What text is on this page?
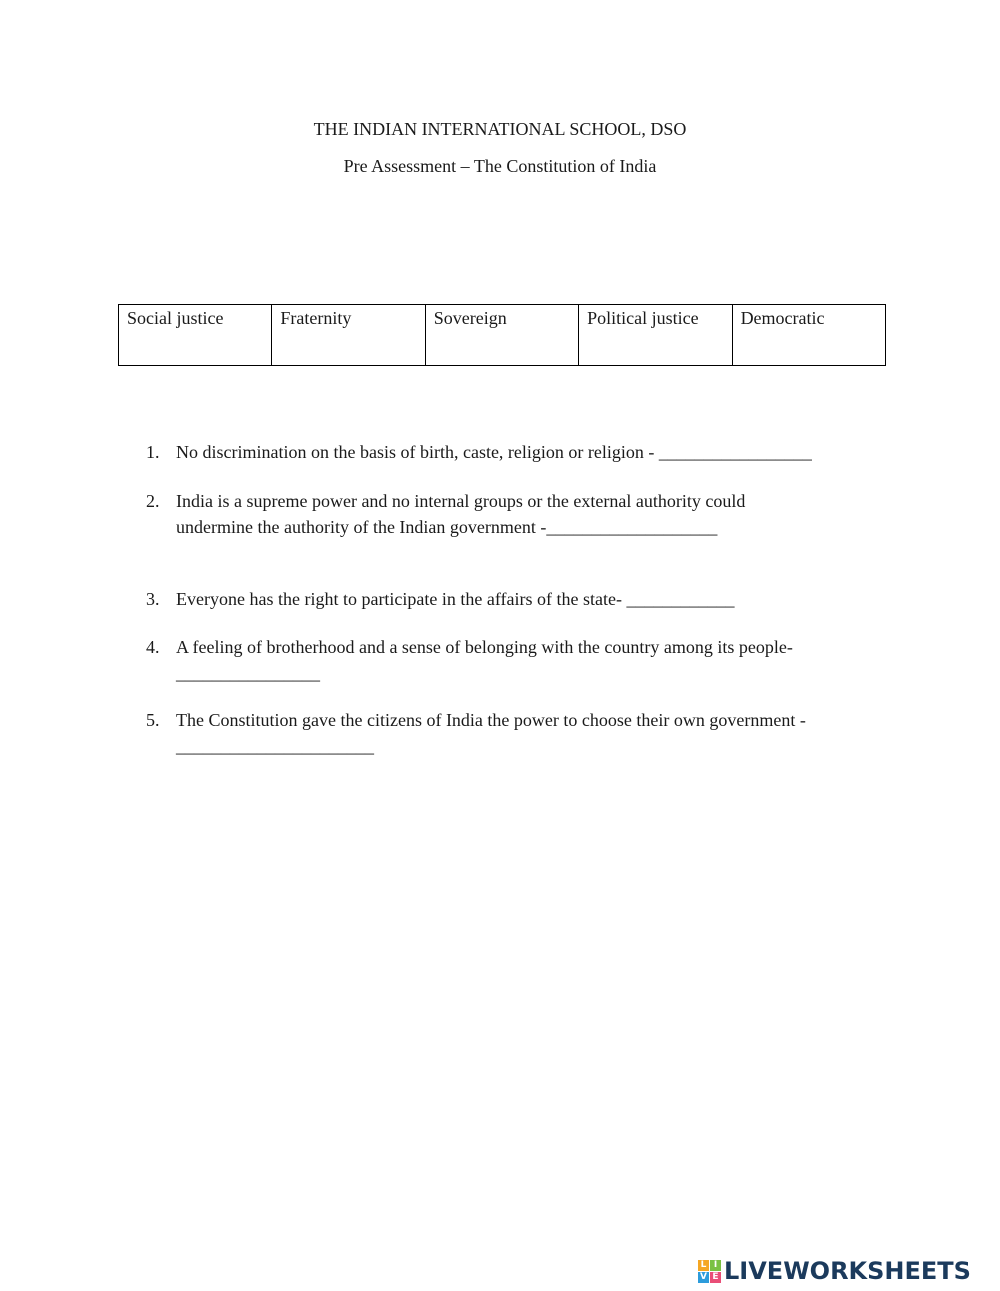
THE INDIAN INTERNATIONAL SCHOOL, DSO
Pre Assessment – The Constitution of India
Social justice	Fraternity	Sovereign	Political justice	Democratic
1. No discrimination on the basis of birth, caste, religion or religion - _________________
2. India is a supreme power and no internal groups or the external authority could
undermine the authority of the Indian government -___________________
3. Everyone has the right to participate in the affairs of the state- ____________
4. A feeling of brotherhood and a sense of belonging with the country among its people-
________________
5. The Constitution gave the citizens of India the power to choose their own government -
______________________
L I
V E LIVEWORKSHEETS
